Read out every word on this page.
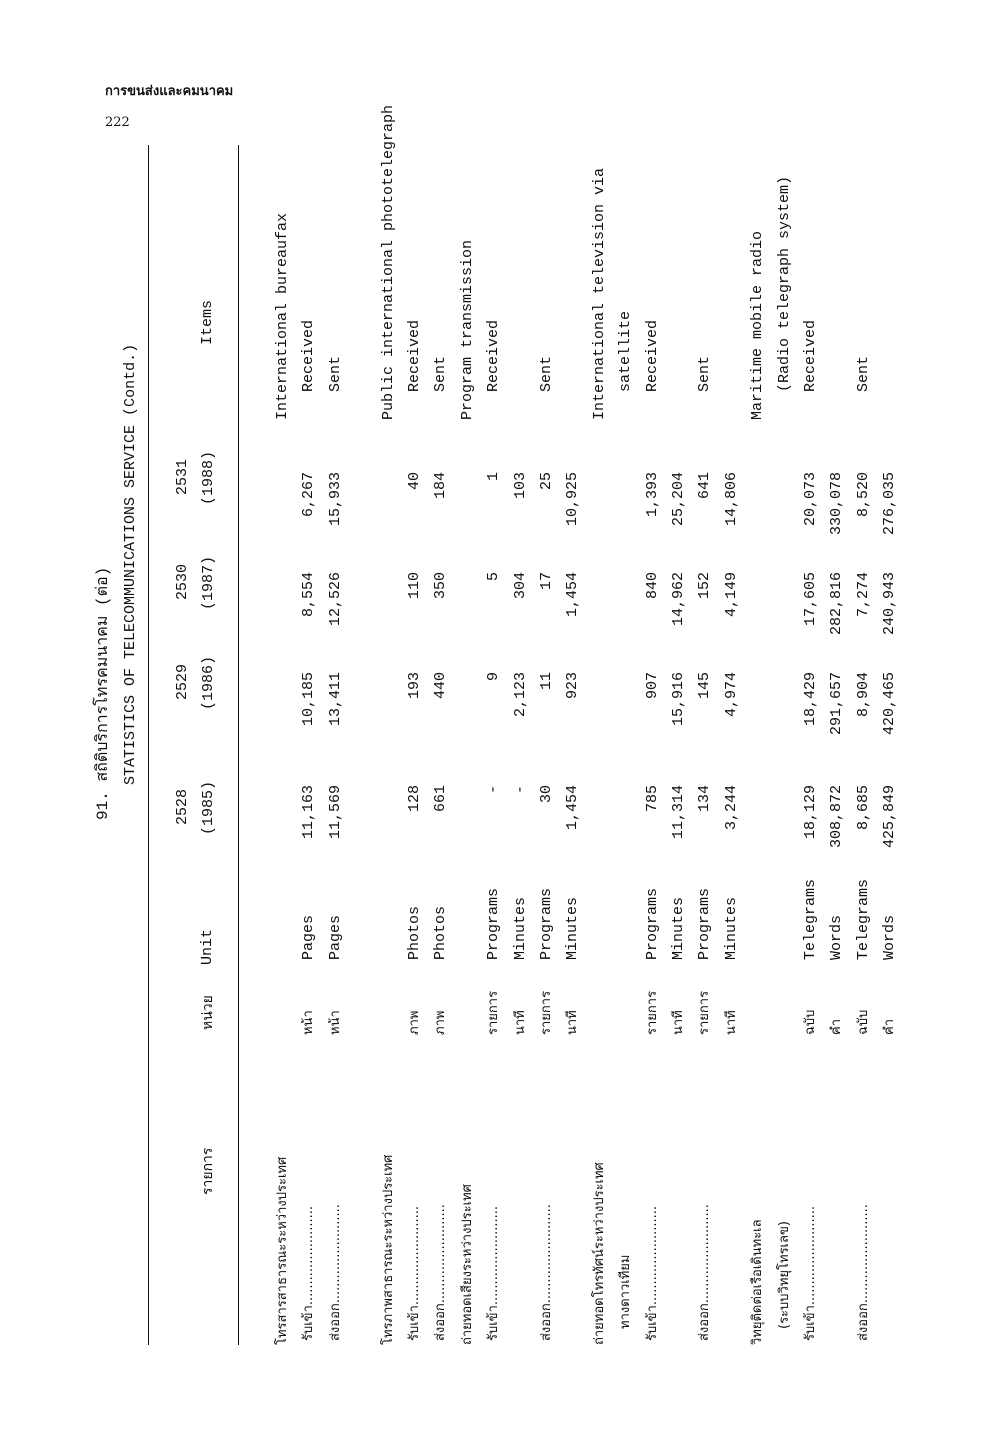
การขนส่งและคมนาคม
222
91. สถิติบริการโทรคมนาคม (ต่อ) STATISTICS OF TELECOMMUNICATIONS SERVICE (Contd.)
รายการ
หน่วย
Unit
Items
2528 (1985)
2529 (1986)
2530 (1987)
2531 (1988)
โทรสารสาธารณะระหว่างประเทศ
International bureaufax
รับเข้า........................
หน้า
Pages
11,163
10,185
8,554
6,267
Received
ส่งออก........................
หน้า
Pages
11,569
13,411
12,526
15,933
Sent
โทรภาพสาธารณะระหว่างประเทศ
Public international phototelegraph
รับเข้า........................
ภาพ
Photos
128
193
110
40
Received
ส่งออก........................
ภาพ
Photos
661
440
350
184
Sent
ถ่ายทอดเสียงระหว่างประเทศ
Program transmission
รับเข้า........................
รายการ
Programs
-
9
5
1
Received
นาที
Minutes
-
2,123
304
103
ส่งออก........................
รายการ
Programs
30
11
17
25
Sent
นาที
Minutes
1,454
923
1,454
10,925
ถ่ายทอดโทรทัศน์ระหว่างประเทศ
International television via
ทางดาวเทียม
satellite
รับเข้า........................
รายการ
Programs
785
907
840
1,393
Received
นาที
Minutes
11,314
15,916
14,962
25,204
ส่งออก........................
รายการ
Programs
134
145
152
641
Sent
นาที
Minutes
3,244
4,974
4,149
14,806
วิทยุติดต่อเรือเดินทะเล
Maritime mobile radio
(ระบบวิทยุโทรเลข)
(Radio telegraph system)
รับเข้า........................
ฉบับ
Telegrams
18,129
18,429
17,605
20,073
Received
คำ
Words
308,872
291,657
282,816
330,078
ส่งออก........................
ฉบับ
Telegrams
8,685
8,904
7,274
8,520
Sent
คำ
Words
425,849
420,465
240,943
276,035
